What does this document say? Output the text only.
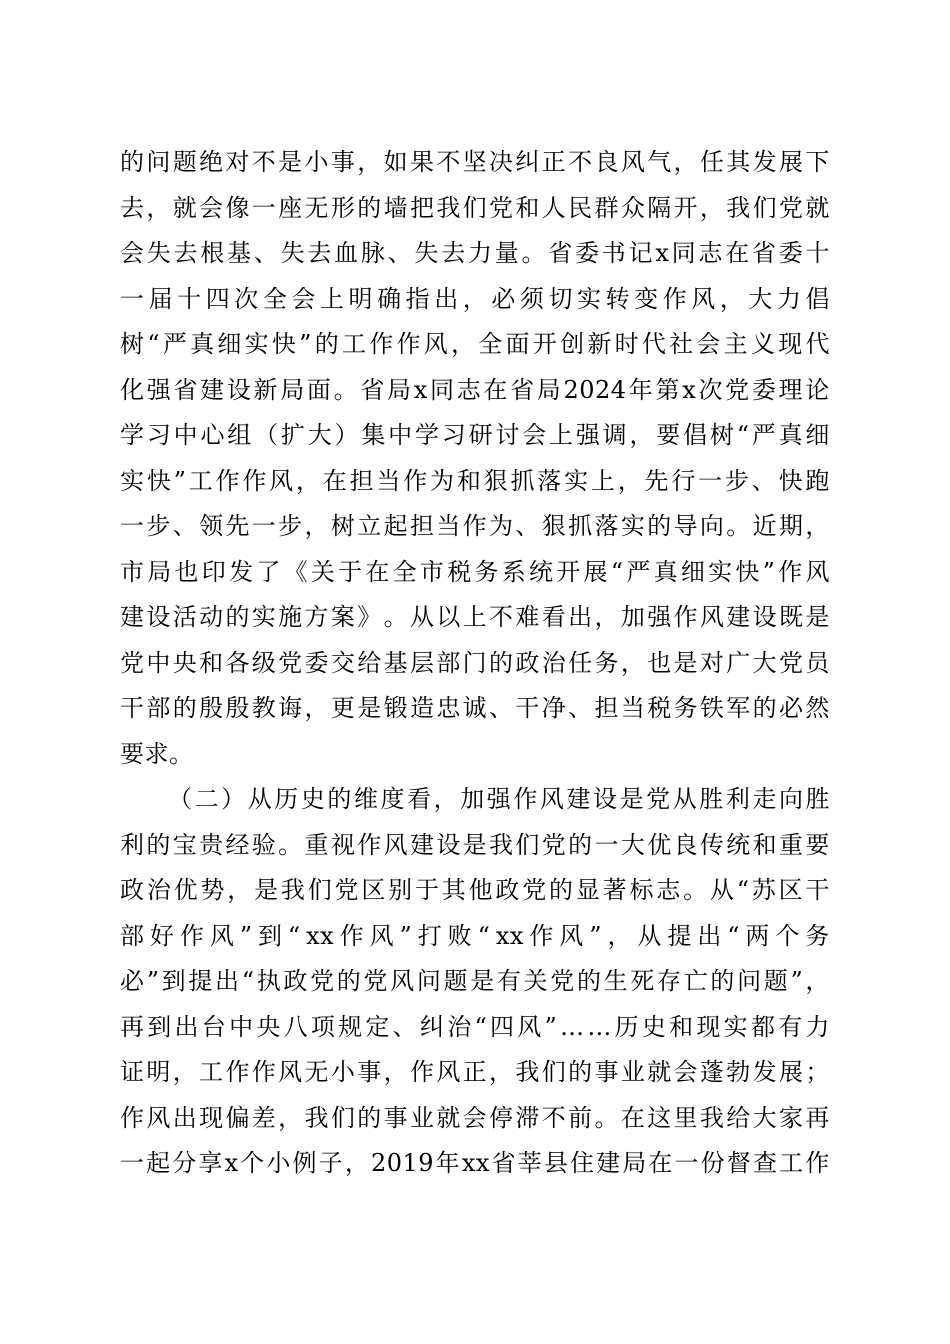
的 问 题 绝 对 不 是 小 事 ， 如 果 不 坚 决 纠 正 不 良 风 气 ， 任 其 发 展 下
去 ， 就 会 像 一 座 无 形 的 墙 把 我 们 党 和 人 民 群 众 隔 开 ， 我 们 党 就
会 失 去 根 基 、 失 去 血 脉 、 失 去 力 量 。 省 委 书 记 x 同 志 在 省 委 十
一 届 十 四 次 全 会 上 明 确 指 出 ， 必 须 切 实 转 变 作 风 ， 大 力 倡
树 “ 严 真 细 实 快 ” 的 工 作 作 风 ， 全 面 开 创 新 时 代 社 会 主 义 现 代
化 强 省 建 设 新 局 面 。 省 局 x 同 志 在 省 局 2024 年 第 x 次 党 委 理 论
学 习 中 心 组 （ 扩 大 ） 集 中 学 习 研 讨 会 上 强 调 ， 要 倡 树 “ 严 真 细
实 快 ” 工 作 作 风 ， 在 担 当 作 为 和 狠 抓 落 实 上 ， 先 行 一 步 、 快 跑
一 步 、 领 先 一 步 ， 树 立 起 担 当 作 为 、 狠 抓 落 实 的 导 向 。 近 期 ，
市 局 也 印 发 了 《 关 于 在 全 市 税 务 系 统 开 展 “ 严 真 细 实 快 ” 作 风
建 设 活 动 的 实 施 方 案 》 。 从 以 上 不 难 看 出 ， 加 强 作 风 建 设 既 是
党 中 央 和 各 级 党 委 交 给 基 层 部 门 的 政 治 任 务 ， 也 是 对 广 大 党 员
干 部 的 殷 殷 教 诲 ， 更 是 锻 造 忠 诚 、 干 净 、 担 当 税 务 铁 军 的 必 然
要求。
（ 二 ） 从 历 史 的 维 度 看 ， 加 强 作 风 建 设 是 党 从 胜 利 走 向 胜
利 的 宝 贵 经 验 。 重 视 作 风 建 设 是 我 们 党 的 一 大 优 良 传 统 和 重 要
政 治 优 势 ， 是 我 们 党 区 别 于 其 他 政 党 的 显 著 标 志 。 从 “ 苏 区 干
部 好 作 风 ” 到 “ xx 作 风 ” 打 败 “ xx 作 风 ” ， 从 提 出 “ 两 个 务
必 ” 到 提 出 “ 执 政 党 的 党 风 问 题 是 有 关 党 的 生 死 存 亡 的 问 题 ” ，
再 到 出 台 中 央 八 项 规 定 、 纠 治 “ 四 风 ” … … 历 史 和 现 实 都 有 力
证 明 ， 工 作 作 风 无 小 事 ， 作 风 正 ， 我 们 的 事 业 就 会 蓬 勃 发 展 ；
作 风 出 现 偏 差 ， 我 们 的 事 业 就 会 停 滞 不 前 。 在 这 里 我 给 大 家 再
一 起 分 享 x 个 小 例 子 ， 2019 年 xx 省 莘 县 住 建 局 在 一 份 督 查 工 作
